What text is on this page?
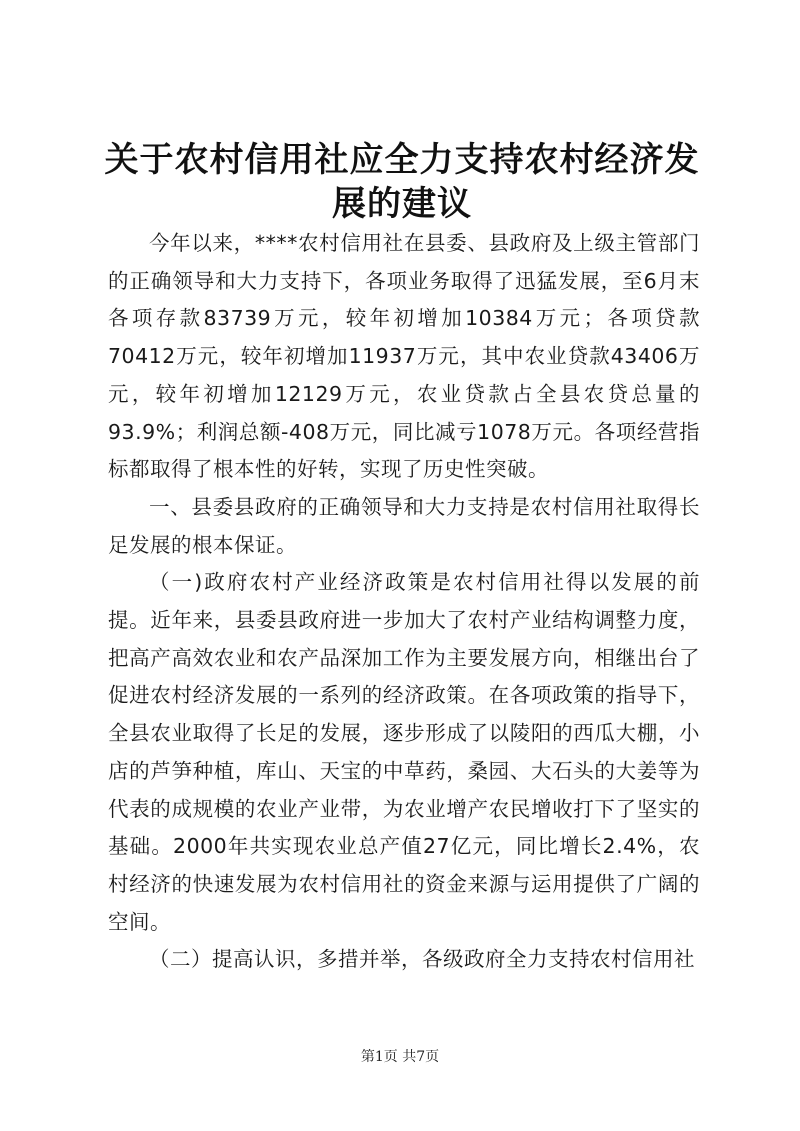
关于农村信用社应全力支持农村经济发展的建议

今年以来，****农村信用社在县委、县政府及上级主管部门的正确领导和大力支持下，各项业务取得了迅猛发展，至6月末各项存款83739万元，较年初增加10384万元；各项贷款70412万元，较年初增加11937万元，其中农业贷款43406万元，较年初增加12129万元，农业贷款占全县农贷总量的93.9%；利润总额-408万元，同比减亏1078万元。各项经营指标都取得了根本性的好转，实现了历史性突破。

一、县委县政府的正确领导和大力支持是农村信用社取得长足发展的根本保证。

（一)政府农村产业经济政策是农村信用社得以发展的前提。近年来，县委县政府进一步加大了农村产业结构调整力度，把高产高效农业和农产品深加工作为主要发展方向，相继出台了促进农村经济发展的一系列的经济政策。在各项政策的指导下，全县农业取得了长足的发展，逐步形成了以陵阳的西瓜大棚，小店的芦笋种植，库山、天宝的中草药，桑园、大石头的大姜等为代表的成规模的农业产业带，为农业增产农民增收打下了坚实的基础。2000年共实现农业总产值27亿元，同比增长2.4%，农村经济的快速发展为农村信用社的资金来源与运用提供了广阔的空间。

（二）提高认识，多措并举，各级政府全力支持农村信用社

第1页 共7页
